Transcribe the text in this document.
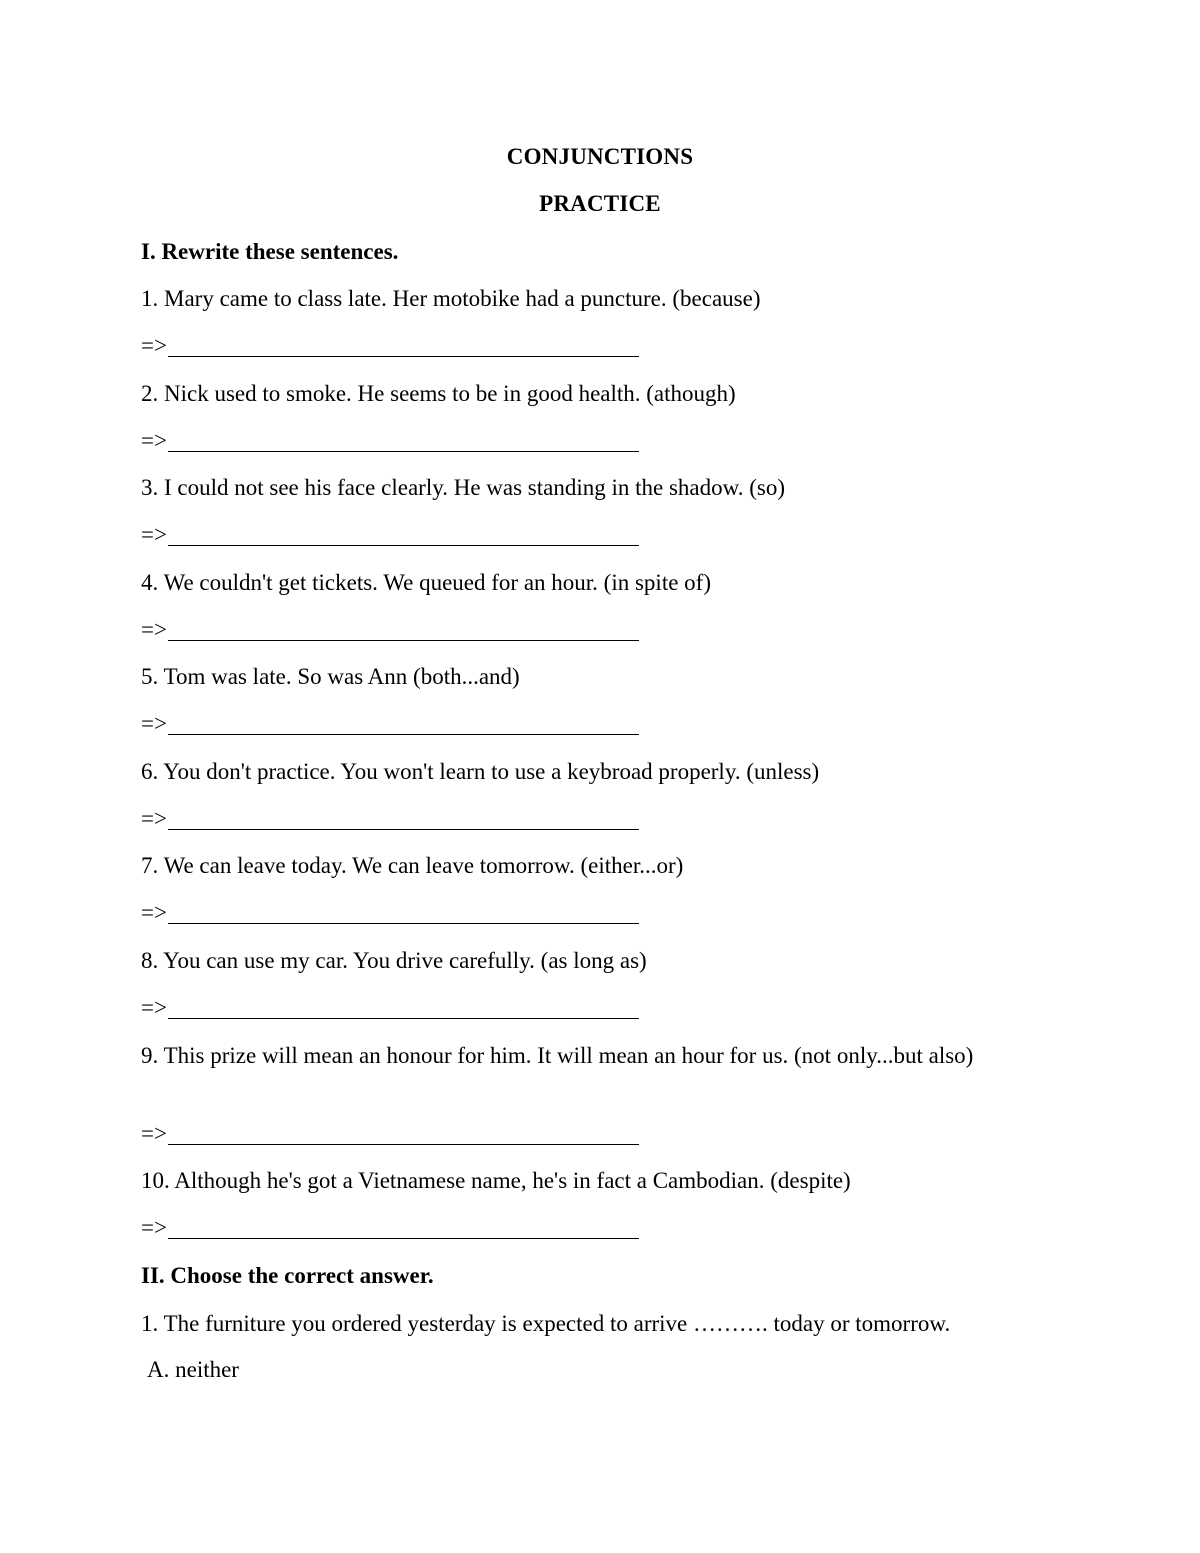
CONJUNCTIONS
PRACTICE
I. Rewrite these sentences.
1. Mary came to class late. Her motobike had a puncture. (because)
=>
2. Nick used to smoke. He seems to be in good health. (athough)
=>
3. I could not see his face clearly. He was standing in the shadow. (so)
=>
4. We couldn't get tickets. We queued for an hour. (in spite of)
=>
5. Tom was late. So was Ann (both...and)
=>
6. You don't practice. You won't learn to use a keybroad properly. (unless)
=>
7. We can leave today. We can leave tomorrow. (either...or)
=>
8. You can use my car. You drive carefully. (as long as)
=>
9. This prize will mean an honour for him. It will mean an hour for us. (not only...but also)
=>
10. Although he's got a Vietnamese name, he's in fact a Cambodian. (despite)
=>
II. Choose the correct answer.
1. The furniture you ordered yesterday is expected to arrive ………. today or tomorrow.
A. neither
